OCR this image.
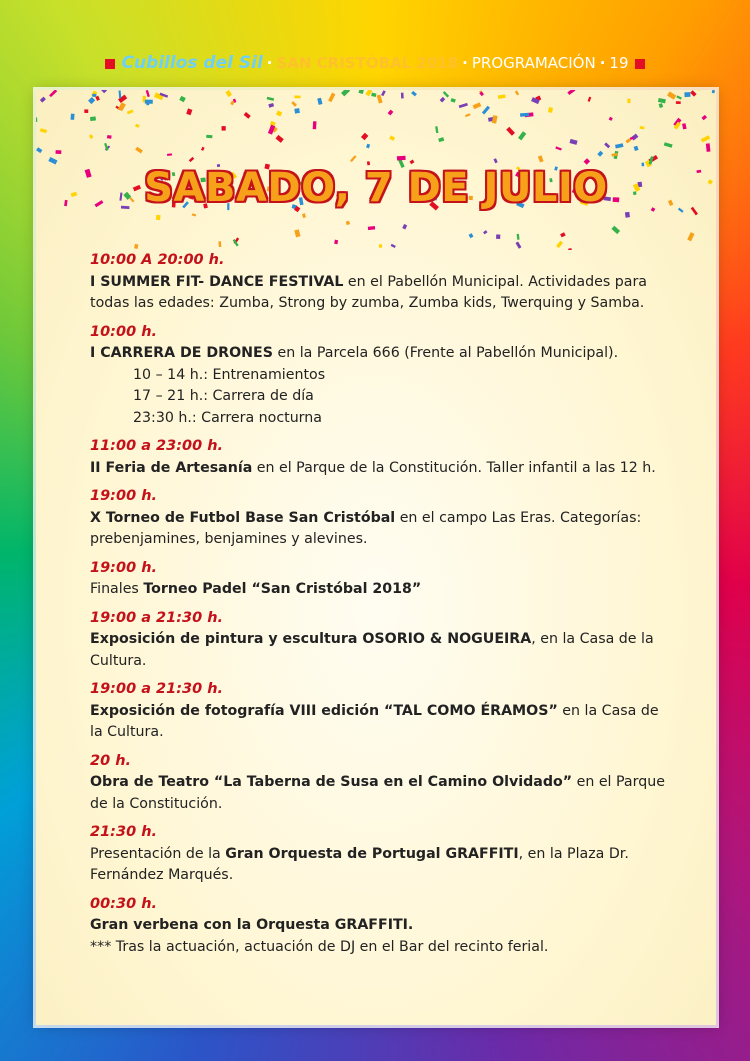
Cubillos del Sil · SAN CRISTÓBAL 2018 · PROGRAMACIÓN · 19
SABADO, 7 DE JULIO
10:00 A 20:00 h.
I SUMMER FIT- DANCE FESTIVAL en el Pabellón Municipal. Actividades para todas las edades: Zumba, Strong by zumba, Zumba kids, Twerquing y Samba.
10:00 h.
I CARRERA DE DRONES en la Parcela 666 (Frente al Pabellón Municipal).
10 – 14 h.: Entrenamientos
17 – 21 h.: Carrera de día
23:30 h.: Carrera nocturna
11:00 a 23:00 h.
II Feria de Artesanía en el Parque de la Constitución. Taller infantil a las 12 h.
19:00 h.
X Torneo de Futbol Base San Cristóbal en el campo Las Eras. Categorías: prebenjamines, benjamines y alevines.
19:00 h.
Finales Torneo Padel “San Cristóbal 2018”
19:00 a 21:30 h.
Exposición de pintura y escultura OSORIO & NOGUEIRA, en la Casa de la Cultura.
19:00 a 21:30 h.
Exposición de fotografía VIII edición “TAL COMO ÉRAMOS” en la Casa de la Cultura.
20 h.
Obra de Teatro “La Taberna de Susa en el Camino Olvidado” en el Parque de la Constitución.
21:30 h.
Presentación de la Gran Orquesta de Portugal GRAFFITI, en la Plaza Dr. Fernández Marqués.
00:30 h.
Gran verbena con la Orquesta GRAFFITI.
*** Tras la actuación, actuación de DJ en el Bar del recinto ferial.
